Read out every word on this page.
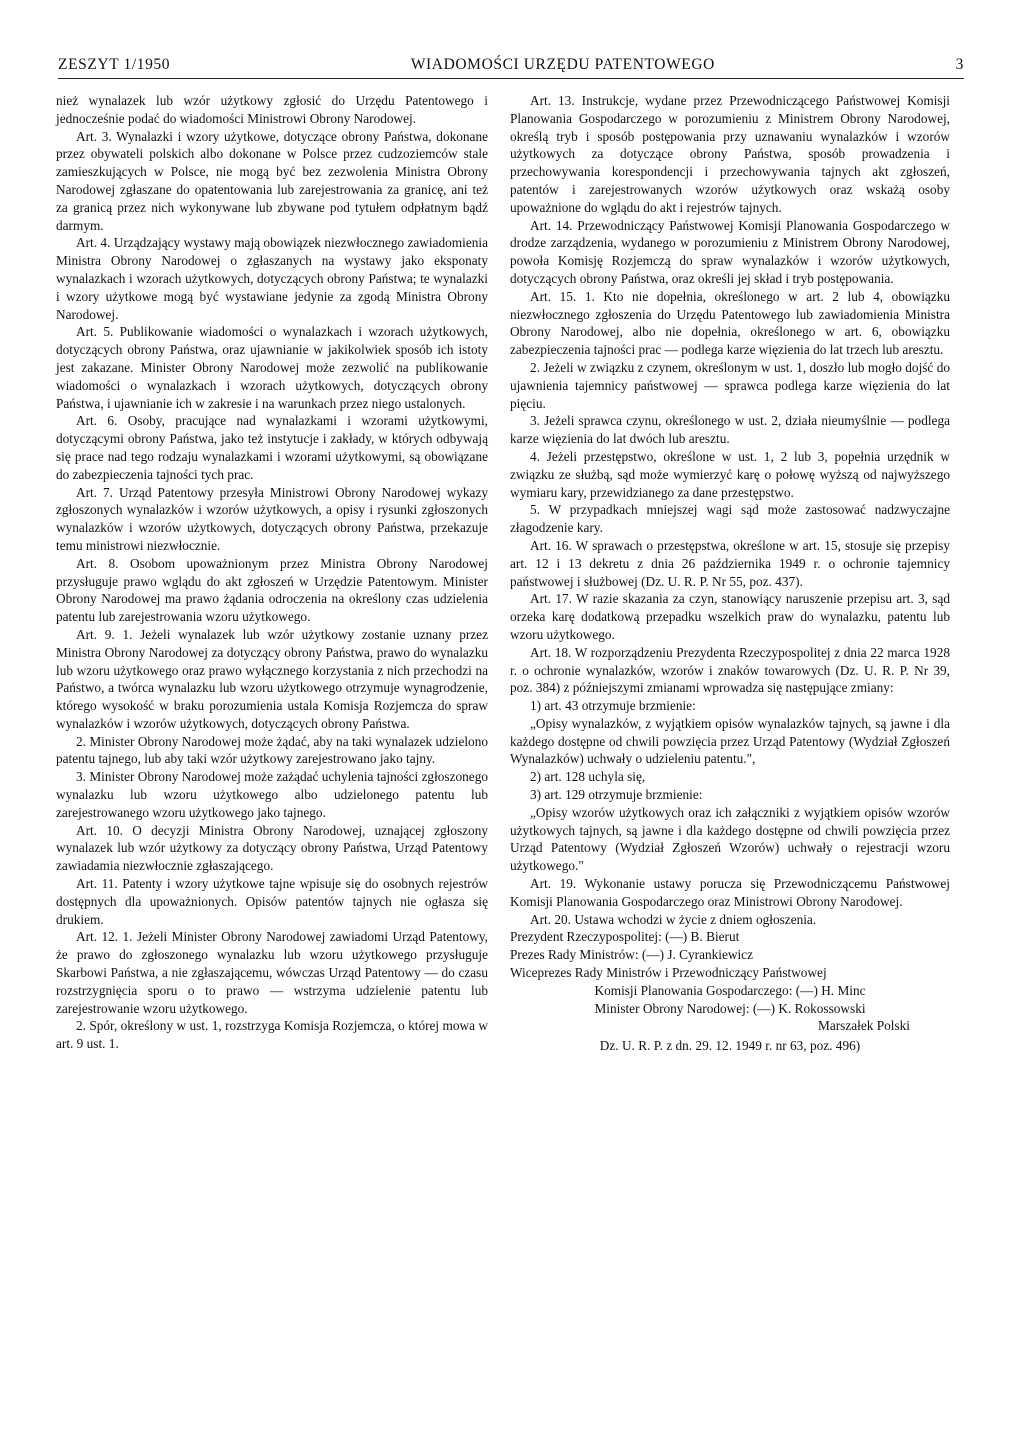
ZESZYT 1/1950	WIADOMOŚCI URZĘDU PATENTOWEGO	3

nież wynalazek lub wzór użytkowy zgłosić do Urzędu Patentowego i jednocześnie podać do wiadomości Ministrowi Obrony Narodowej.

Art. 3. Wynalazki i wzory użytkowe, dotyczące obrony Państwa, dokonane przez obywateli polskich albo dokonane w Polsce przez cudzoziemców stale zamieszkujących w Polsce, nie mogą być bez zezwolenia Ministra Obrony Narodowej zgłaszane do opatentowania lub zarejestrowania za granicę, ani też za granicą przez nich wykonywane lub zbywane pod tytułem odpłatnym bądź darmym.

Art. 4. Urządzający wystawy mają obowiązek niezwłocznego zawiadomienia Ministra Obrony Narodowej o zgłaszanych na wystawy jako eksponaty wynalazkach i wzorach użytkowych, dotyczących obrony Państwa; te wynalazki i wzory użytkowe mogą być wystawiane jedynie za zgodą Ministra Obrony Narodowej.

Art. 5. Publikowanie wiadomości o wynalazkach i wzorach użytkowych, dotyczących obrony Państwa, oraz ujawnianie w jakikolwiek sposób ich istoty jest zakazane. Minister Obrony Narodowej może zezwolić na publikowanie wiadomości o wynalazkach i wzorach użytkowych, dotyczących obrony Państwa, i ujawnianie ich w zakresie i na warunkach przez niego ustalonych.

Art. 6. Osoby, pracujące nad wynalazkami i wzorami użytkowymi, dotyczącymi obrony Państwa, jako też instytucje i zakłady, w których odbywają się prace nad tego rodzaju wynalazkami i wzorami użytkowymi, są obowiązane do zabezpieczenia tajności tych prac.

Art. 7. Urząd Patentowy przesyła Ministrowi Obrony Narodowej wykazy zgłoszonych wynalazków i wzorów użytkowych, a opisy i rysunki zgłoszonych wynalazków i wzorów użytkowych, dotyczących obrony Państwa, przekazuje temu ministrowi niezwłocznie.

Art. 8. Osobom upoważnionym przez Ministra Obrony Narodowej przysługuje prawo wglądu do akt zgłoszeń w Urzędzie Patentowym. Minister Obrony Narodowej ma prawo żądania odroczenia na określony czas udzielenia patentu lub zarejestrowania wzoru użytkowego.

Art. 9. 1. Jeżeli wynalazek lub wzór użytkowy zostanie uznany przez Ministra Obrony Narodowej za dotyczący obrony Państwa, prawo do wynalazku lub wzoru użytkowego oraz prawo wyłącznego korzystania z nich przechodzi na Państwo, a twórca wynalazku lub wzoru użytkowego otrzymuje wynagrodzenie, którego wysokość w braku porozumienia ustala Komisja Rozjemcza do spraw wynalazków i wzorów użytkowych, dotyczących obrony Państwa.

2. Minister Obrony Narodowej może żądać, aby na taki wynalazek udzielono patentu tajnego, lub aby taki wzór użytkowy zarejestrowano jako tajny.

3. Minister Obrony Narodowej może zażądać uchylenia tajności zgłoszonego wynalazku lub wzoru użytkowego albo udzielonego patentu lub zarejestrowanego wzoru użytkowego jako tajnego.

Art. 10. O decyzji Ministra Obrony Narodowej, uznającej zgłoszony wynalazek lub wzór użytkowy za dotyczący obrony Państwa, Urząd Patentowy zawiadamia niezwłocznie zgłaszającego.

Art. 11. Patenty i wzory użytkowe tajne wpisuje się do osobnych rejestrów dostępnych dla upoważnionych. Opisów patentów tajnych nie ogłasza się drukiem.

Art. 12. 1. Jeżeli Minister Obrony Narodowej zawiadomi Urząd Patentowy, że prawo do zgłoszonego wynalazku lub wzoru użytkowego przysługuje Skarbowi Państwa, a nie zgłaszającemu, wówczas Urząd Patentowy — do czasu rozstrzygnięcia sporu o to prawo — wstrzyma udzielenie patentu lub zarejestrowanie wzoru użytkowego.

2. Spór, określony w ust. 1, rozstrzyga Komisja Rozjemcza, o której mowa w art. 9 ust. 1.

Art. 13. Instrukcje, wydane przez Przewodniczącego Państwowej Komisji Planowania Gospodarczego w porozumieniu z Ministrem Obrony Narodowej, określą tryb i sposób postępowania przy uznawaniu wynalazków i wzorów użytkowych za dotyczące obrony Państwa, sposób prowadzenia i przechowywania korespondencji i przechowywania tajnych akt zgłoszeń, patentów i zarejestrowanych wzorów użytkowych oraz wskażą osoby upoważnione do wglądu do akt i rejestrów tajnych.

Art. 14. Przewodniczący Państwowej Komisji Planowania Gospodarczego w drodze zarządzenia, wydanego w porozumieniu z Ministrem Obrony Narodowej, powoła Komisję Rozjemczą do spraw wynalazków i wzorów użytkowych, dotyczących obrony Państwa, oraz określi jej skład i tryb postępowania.

Art. 15. 1. Kto nie dopełnia, określonego w art. 2 lub 4, obowiązku niezwłocznego zgłoszenia do Urzędu Patentowego lub zawiadomienia Ministra Obrony Narodowej, albo nie dopełnia, określonego w art. 6, obowiązku zabezpieczenia tajności prac — podlega karze więzienia do lat trzech lub aresztu.

2. Jeżeli w związku z czynem, określonym w ust. 1, doszło lub mogło dojść do ujawnienia tajemnicy państwowej — sprawca podlega karze więzienia do lat pięciu.

3. Jeżeli sprawca czynu, określonego w ust. 2, działa nieumyślnie — podlega karze więzienia do lat dwóch lub aresztu.

4. Jeżeli przestępstwo, określone w ust. 1, 2 lub 3, popełnia urzędnik w związku ze służbą, sąd może wymierzyć karę o połowę wyższą od najwyższego wymiaru kary, przewidzianego za dane przestępstwo.

5. W przypadkach mniejszej wagi sąd może zastosować nadzwyczajne złagodzenie kary.

Art. 16. W sprawach o przestępstwa, określone w art. 15, stosuje się przepisy art. 12 i 13 dekretu z dnia 26 października 1949 r. o ochronie tajemnicy państwowej i służbowej (Dz. U. R. P. Nr 55, poz. 437).

Art. 17. W razie skazania za czyn, stanowiący naruszenie przepisu art. 3, sąd orzeka karę dodatkową przepadku wszelkich praw do wynalazku, patentu lub wzoru użytkowego.

Art. 18. W rozporządzeniu Prezydenta Rzeczypospolitej z dnia 22 marca 1928 r. o ochronie wynalazków, wzorów i znaków towarowych (Dz. U. R. P. Nr 39, poz. 384) z późniejszymi zmianami wprowadza się następujące zmiany:

1) art. 43 otrzymuje brzmienie:

„Opisy wynalazków, z wyjątkiem opisów wynalazków tajnych, są jawne i dla każdego dostępne od chwili powzięcia przez Urząd Patentowy (Wydział Zgłoszeń Wynalazków) uchwały o udzieleniu patentu.",

2) art. 128 uchyla się,

3) art. 129 otrzymuje brzmienie:

„Opisy wzorów użytkowych oraz ich załączniki z wyjątkiem opisów wzorów użytkowych tajnych, są jawne i dla każdego dostępne od chwili powzięcia przez Urząd Patentowy (Wydział Zgłoszeń Wzorów) uchwały o rejestracji wzoru użytkowego."

Art. 19. Wykonanie ustawy porucza się Przewodniczącemu Państwowej Komisji Planowania Gospodarczego oraz Ministrowi Obrony Narodowej.

Art. 20. Ustawa wchodzi w życie z dniem ogłoszenia.

Prezydent Rzeczypospolitej: (—) B. Bierut

Prezes Rady Ministrów: (—) J. Cyrankiewicz

Wiceprezes Rady Ministrów i Przewodniczący Państwowej

Komisji Planowania Gospodarczego: (—) H. Minc

Minister Obrony Narodowej: (—) K. Rokossowski

Marszałek Polski

Dz. U. R. P. z dn. 29. 12. 1949 r. nr 63, poz. 496)
